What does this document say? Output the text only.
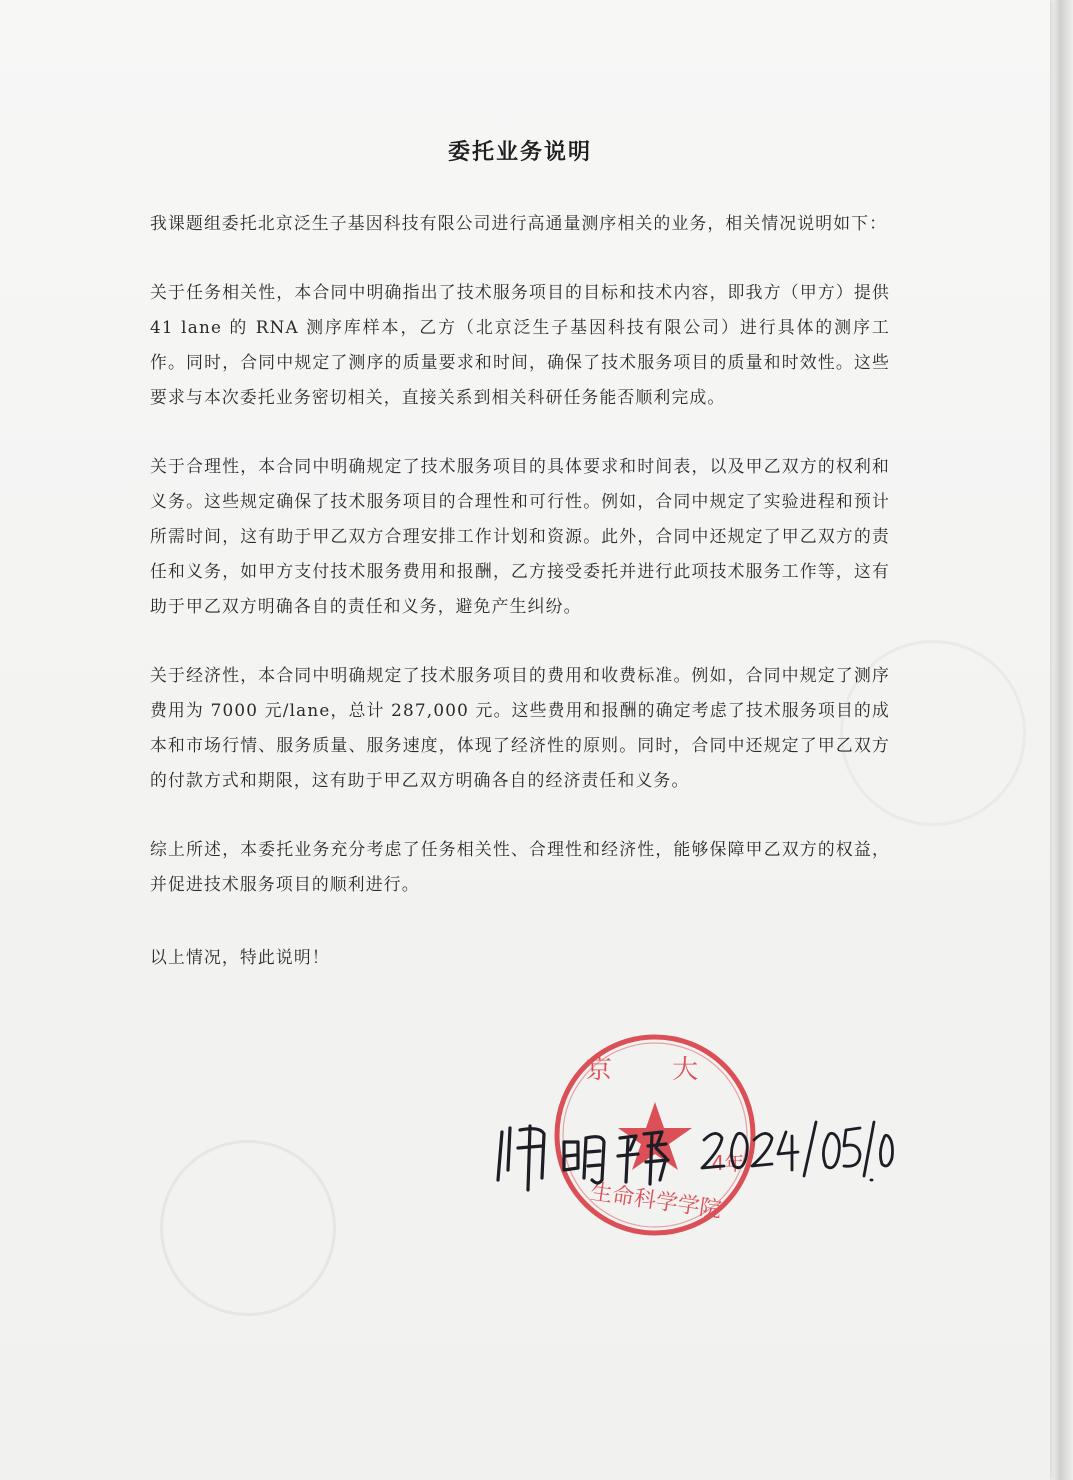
委托业务说明

我课题组委托北京泛生子基因科技有限公司进行高通量测序相关的业务，相关情况说明如下：

关于任务相关性，本合同中明确指出了技术服务项目的目标和技术内容，即我方（甲方）提供 41 lane 的 RNA 测序库样本，乙方（北京泛生子基因科技有限公司）进行具体的测序工作。同时，合同中规定了测序的质量要求和时间，确保了技术服务项目的质量和时效性。这些要求与本次委托业务密切相关，直接关系到相关科研任务能否顺利完成。

关于合理性，本合同中明确规定了技术服务项目的具体要求和时间表，以及甲乙双方的权利和义务。这些规定确保了技术服务项目的合理性和可行性。例如，合同中规定了实验进程和预计所需时间，这有助于甲乙双方合理安排工作计划和资源。此外，合同中还规定了甲乙双方的责任和义务，如甲方支付技术服务费用和报酬，乙方接受委托并进行此项技术服务工作等，这有助于甲乙双方明确各自的责任和义务，避免产生纠纷。

关于经济性，本合同中明确规定了技术服务项目的费用和收费标准。例如，合同中规定了测序费用为 7000 元/lane，总计 287,000 元。这些费用和报酬的确定考虑了技术服务项目的成本和市场行情、服务质量、服务速度，体现了经济性的原则。同时，合同中还规定了甲乙双方的付款方式和期限，这有助于甲乙双方明确各自的经济责任和义务。

综上所述，本委托业务充分考虑了任务相关性、合理性和经济性，能够保障甲乙双方的权益，并促进技术服务项目的顺利进行。

以上情况，特此说明！

京 大
4年
生命科学学院
